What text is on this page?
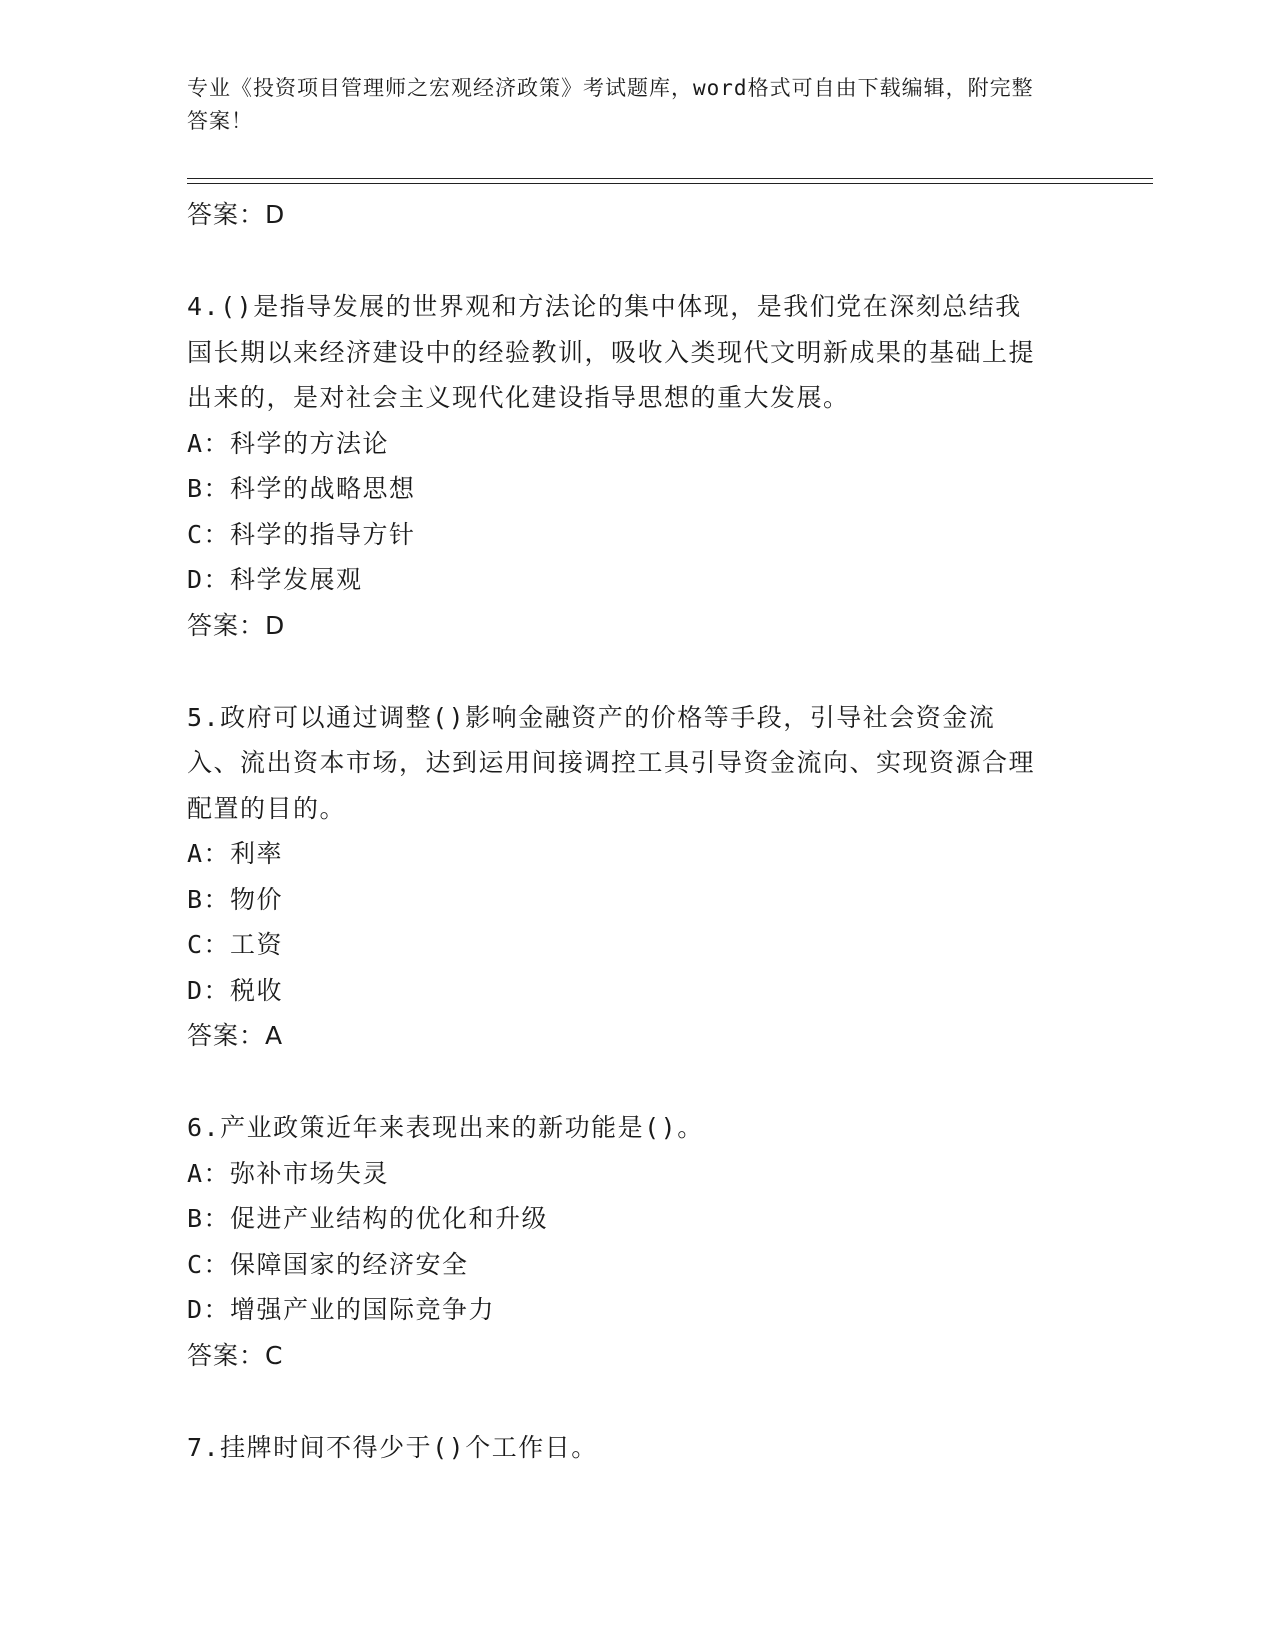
专业《投资项目管理师之宏观经济政策》考试题库，word格式可自由下载编辑，附完整答案！

答案：D

4.()是指导发展的世界观和方法论的集中体现，是我们党在深刻总结我国长期以来经济建设中的经验教训，吸收入类现代文明新成果的基础上提出来的，是对社会主义现代化建设指导思想的重大发展。

A：科学的方法论

B：科学的战略思想

C：科学的指导方针

D：科学发展观

答案：D

5.政府可以通过调整()影响金融资产的价格等手段，引导社会资金流入、流出资本市场，达到运用间接调控工具引导资金流向、实现资源合理配置的目的。

A：利率

B：物价

C：工资

D：税收

答案：A

6.产业政策近年来表现出来的新功能是()。

A：弥补市场失灵

B：促进产业结构的优化和升级

C：保障国家的经济安全

D：增强产业的国际竞争力

答案：C

7.挂牌时间不得少于()个工作日。
